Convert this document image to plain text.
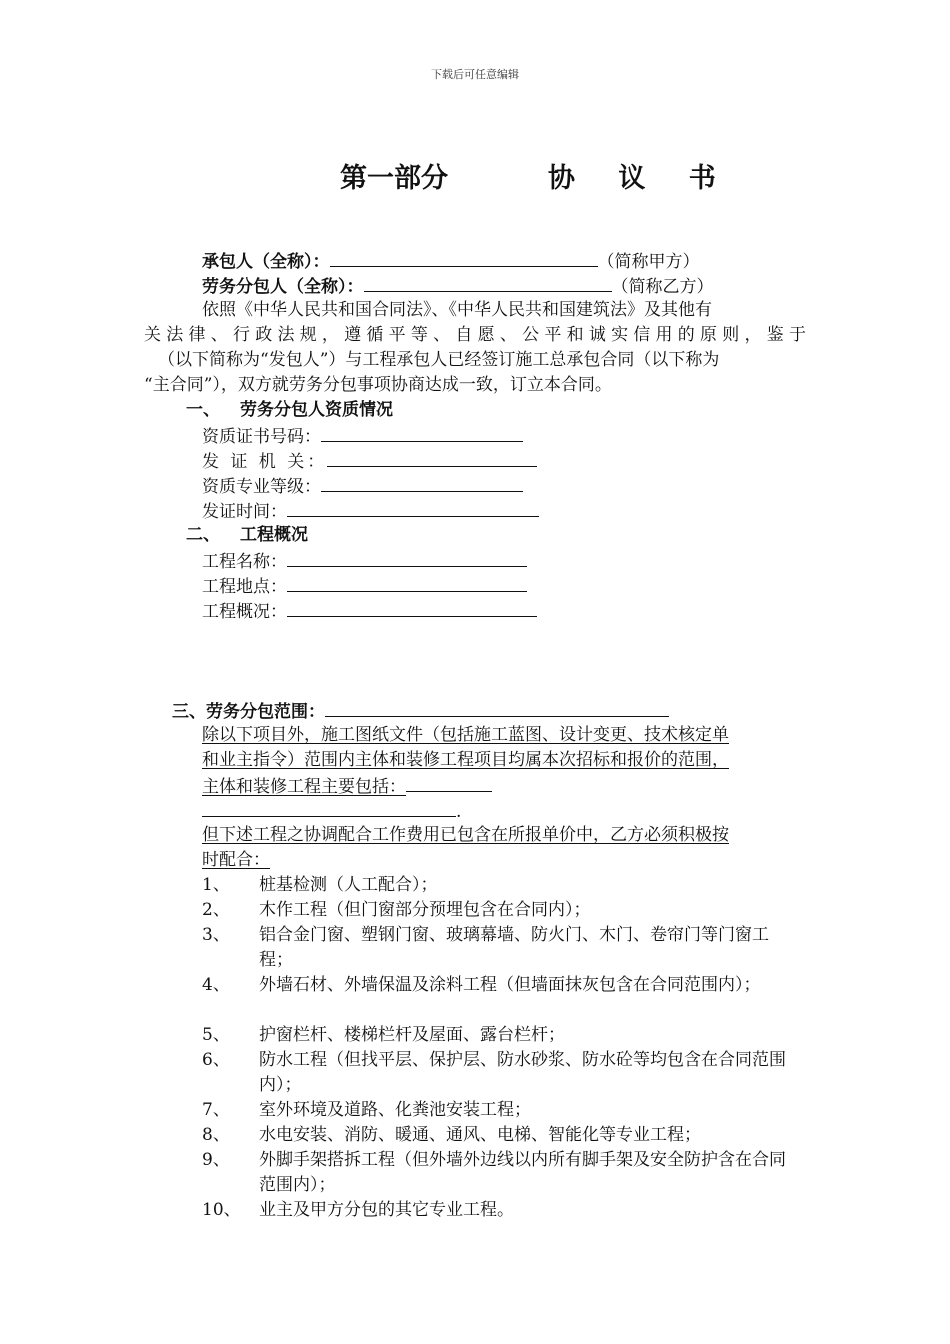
下载后可任意编辑
第一部分	协 议 书
承包人（全称）：	（简称甲方）
劳务分包人（全称）：	（简称乙方）
依照《中华人民共和国合同法》、《中华人民共和国建筑法》及其他有
关法律、行政法规，遵循平等、自愿、公平和诚实信用的原则，鉴于
（以下简称为“发包人”）与工程承包人已经签订施工总承包合同（以下称为
“主合同”），双方就劳务分包事项协商达成一致，订立本合同。
一、 劳务分包人资质情况
资质证书号码：
发 证 机 关：
资质专业等级：
发证时间：
二、 工程概况
工程名称：
工程地点：
工程概况：
三、劳务分包范围：
除以下项目外，施工图纸文件（包括施工蓝图、设计变更、技术核定单
和业主指令）范围内主体和装修工程项目均属本次招标和报价的范围，
主体和装修工程主要包括：
.
但下述工程之协调配合工作费用已包含在所报单价中，乙方必须积极按
时配合：
1、 桩基检测（人工配合）；
2、 木作工程（但门窗部分预埋包含在合同内）；
3、 铝合金门窗、塑钢门窗、玻璃幕墙、防火门、木门、卷帘门等门窗工程；
4、 外墙石材、外墙保温及涂料工程（但墙面抹灰包含在合同范围内）；
5、 护窗栏杆、楼梯栏杆及屋面、露台栏杆；
6、 防水工程（但找平层、保护层、防水砂浆、防水砼等均包含在合同范围内）；
7、 室外环境及道路、化粪池安装工程；
8、 水电安装、消防、暖通、通风、电梯、智能化等专业工程；
9、 外脚手架搭拆工程（但外墙外边线以内所有脚手架及安全防护含在合同范围内）；
10、 业主及甲方分包的其它专业工程。
